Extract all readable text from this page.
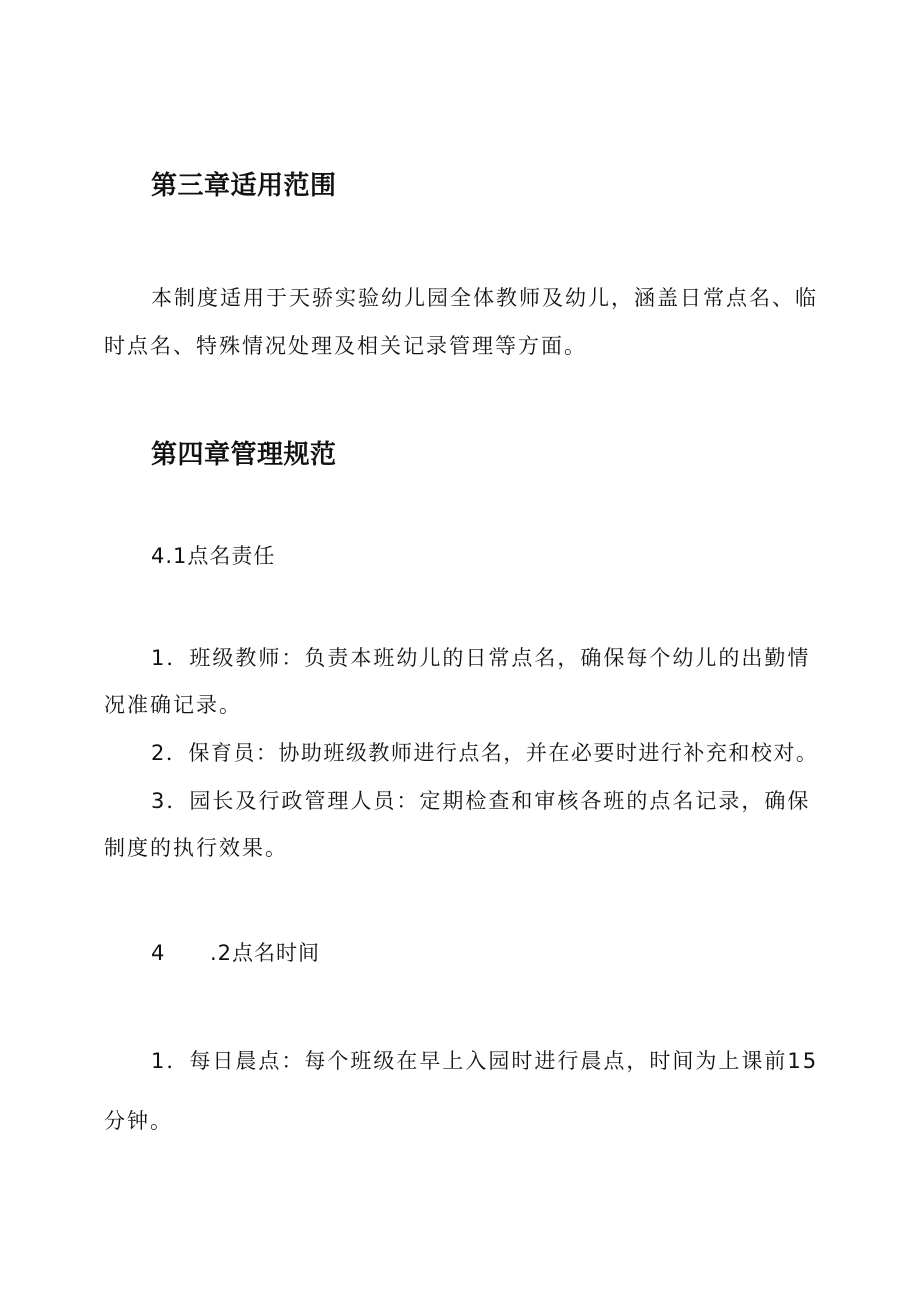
第三章适用范围
本制度适用于天骄实验幼儿园全体教师及幼儿，涵盖日常点名、临
时点名、特殊情况处理及相关记录管理等方面。
第四章管理规范
4.1点名责任
1．班级教师：负责本班幼儿的日常点名，确保每个幼儿的出勤情
况准确记录。
2．保育员：协助班级教师进行点名，并在必要时进行补充和校对。
3．园长及行政管理人员：定期检查和审核各班的点名记录，确保
制度的执行效果。
4 .2点名时间
1．每日晨点：每个班级在早上入园时进行晨点，时间为上课前15
分钟。
